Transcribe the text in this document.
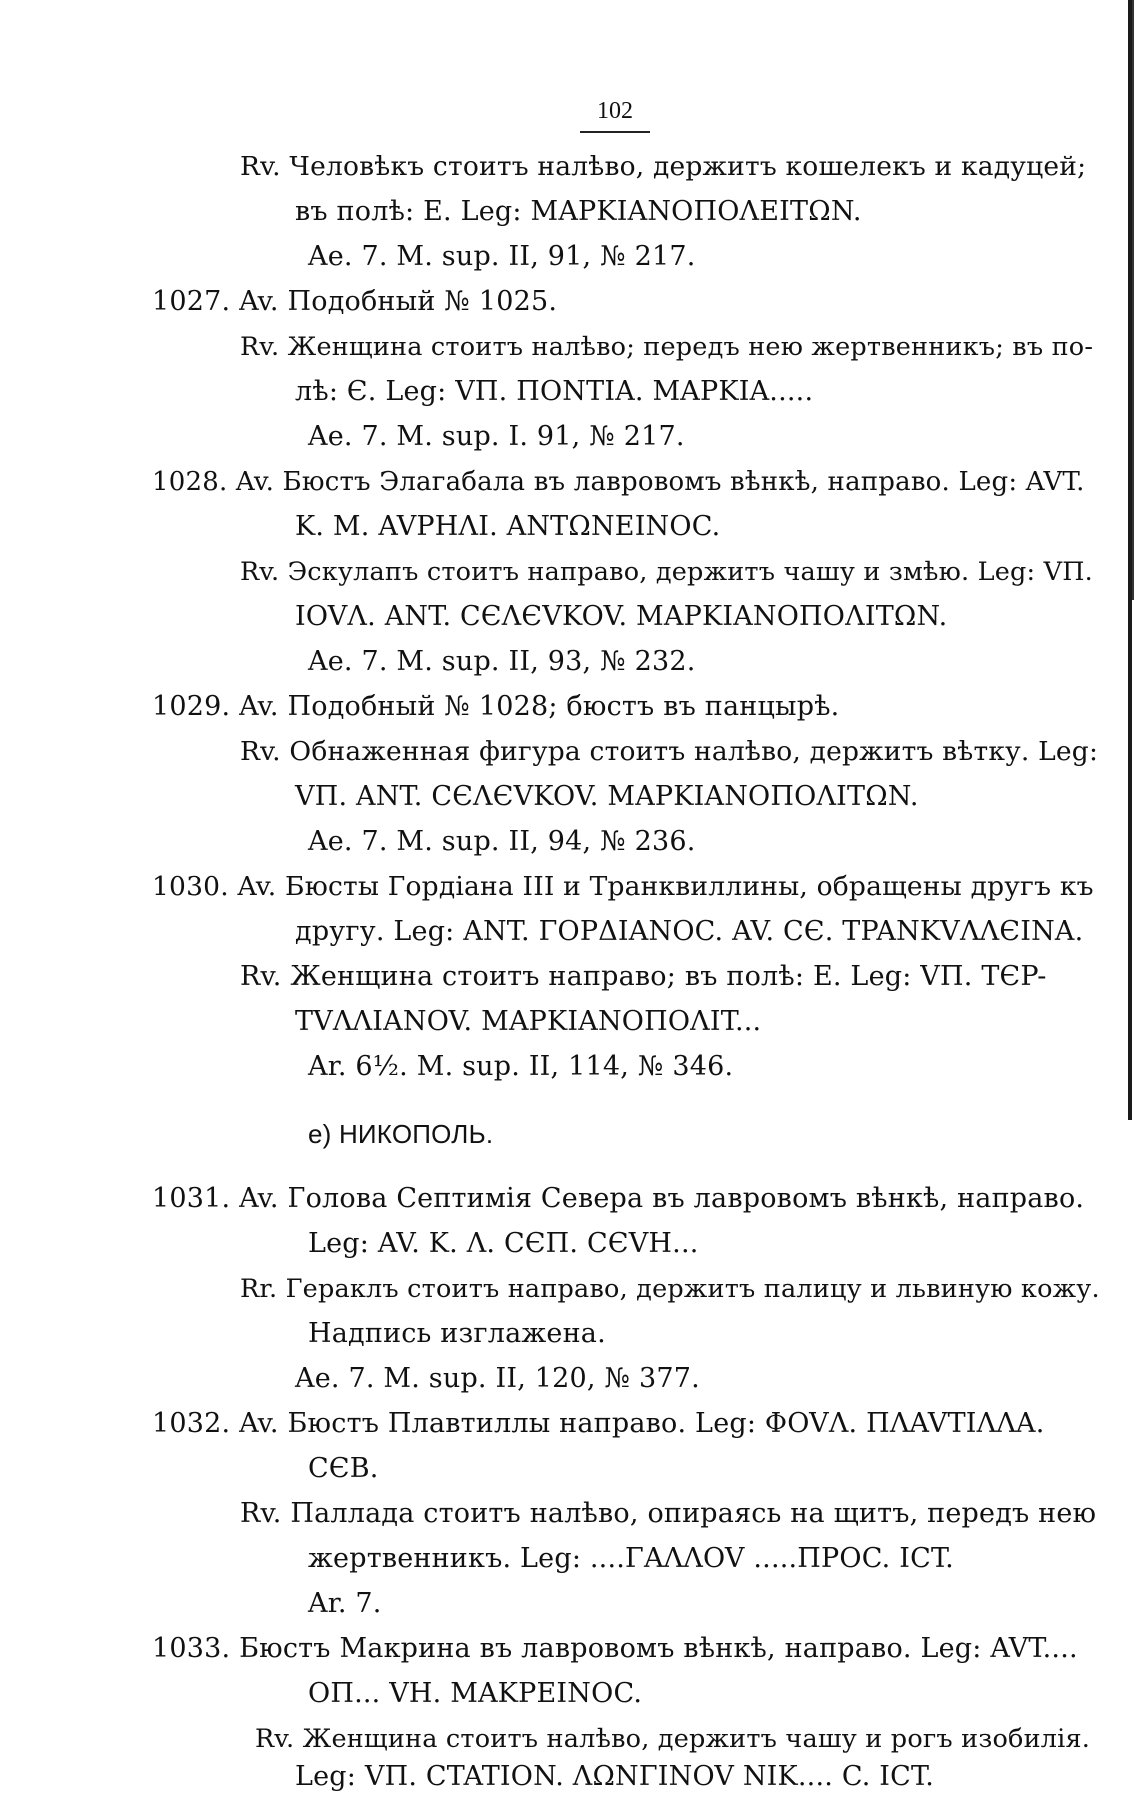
102
Rv. Человѣкъ стоитъ налѣво, держитъ кошелекъ и кадуцей;
въ полѣ: E. Leg: MAPKIANOΠOΛEITΩN.
Ae. 7. M. sup. II, 91, № 217.
1027. Av. Подобный № 1025.
Rv. Женщина стоитъ налѣво; передъ нею жертвенникъ; въ по-
лѣ: Є. Leg: VΠ. ΠONTIA. MAPKIA.....
Ae. 7. M. sup. I. 91, № 217.
1028. Av. Бюстъ Элагабала въ лавровомъ вѣнкѣ, направо. Leg: AVT.
K. M. AVPHΛI. ANTΩNEINOC.
Rv. Эскулапъ стоитъ направо, держитъ чашу и змѣю. Leg: VΠ.
IOVΛ. ANT. CЄΛЄVKOV. MAPKIANOΠOΛITΩN.
Ae. 7. M. sup. II, 93, № 232.
1029. Av. Подобный № 1028; бюстъ въ панцырѣ.
Rv. Обнаженная фигура стоитъ налѣво, держитъ вѣтку. Leg:
VΠ. ANT. CЄΛЄVKOV. MAPKIANOΠOΛITΩN.
Ae. 7. M. sup. II, 94, № 236.
1030. Av. Бюсты Гордіана III и Транквиллины, обращены другъ къ
другу. Leg: ANT. ΓOPΔIANOC. AV. CЄ. TPANKVΛΛЄINA.
Rv. Женщина стоитъ направо; въ полѣ: E. Leg: VΠ. TЄP-
TVΛΛIANOV. MAPKIANOΠOΛIT...
Ar. 6½. M. sup. II, 114, № 346.
e) НИКОПОЛЬ.
1031. Av. Голова Септимія Севера въ лавровомъ вѣнкѣ, направо.
Leg: AV. K. Λ. CЄΠ. CЄVH...
Rr. Гераклъ стоитъ направо, держитъ палицу и львиную кожу.
Надпись изглажена.
Ae. 7. M. sup. II, 120, № 377.
1032. Av. Бюстъ Плавтиллы направо. Leg: ΦOVΛ. ΠΛAVTIΛΛA.
CЄB.
Rv. Паллада стоитъ налѣво, опираясь на щитъ, передъ нею
жертвенникъ. Leg: ....ΓAΛΛOV .....ΠPOC. ICT.
Ar. 7.
1033. Бюстъ Макрина въ лавровомъ вѣнкѣ, направо. Leg: AVT....
OΠ... VH. MAKPEINOC.
Rv. Женщина стоитъ налѣво, держитъ чашу и рогъ изобилія.
Leg: VΠ. CTATION. ΛΩNΓINOV NIK.... C. ICT.
